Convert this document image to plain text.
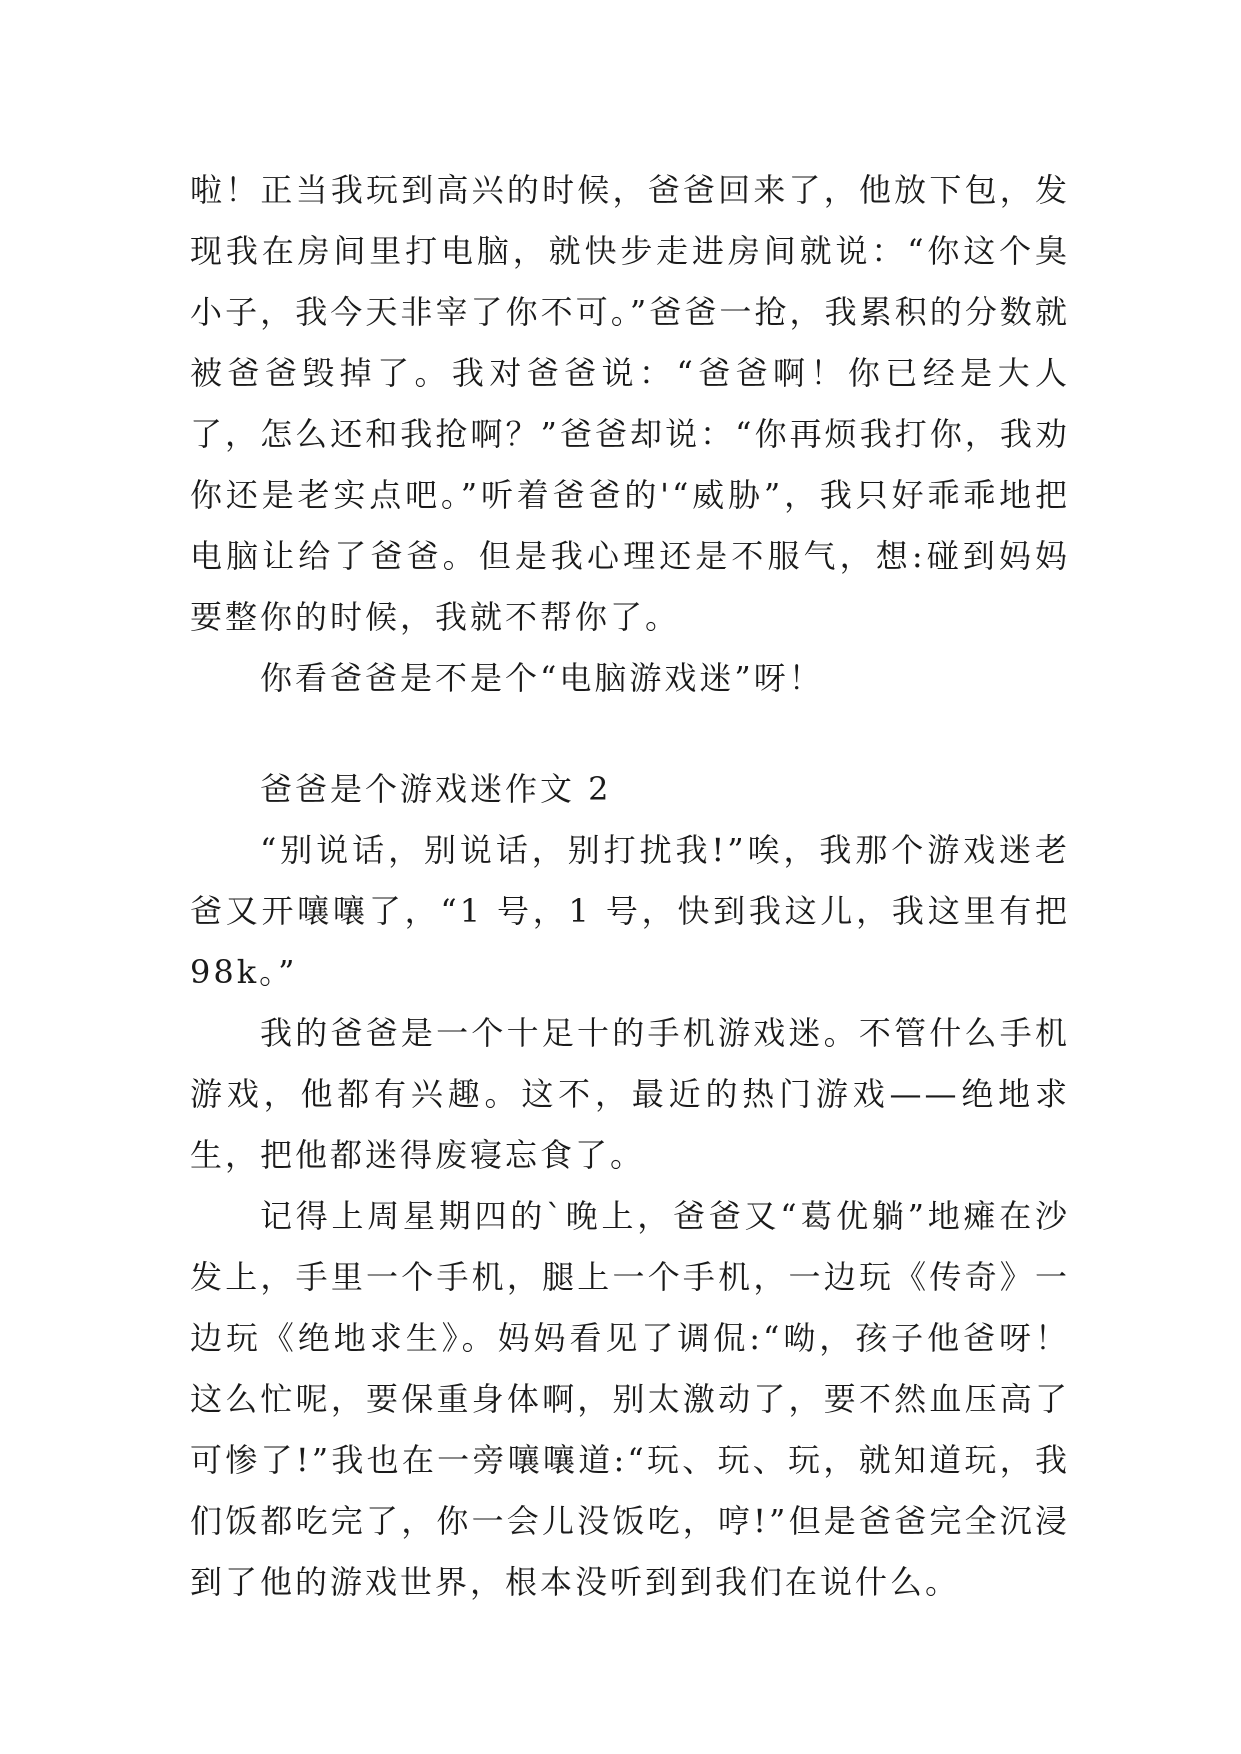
啦！正当我玩到高兴的时候，爸爸回来了，他放下包，发现我在房间里打电脑，就快步走进房间就说：“你这个臭小子，我今天非宰了你不可。”爸爸一抢，我累积的分数就被爸爸毁掉了。我对爸爸说：“爸爸啊！你已经是大人了，怎么还和我抢啊？”爸爸却说：“你再烦我打你，我劝你还是老实点吧。”听着爸爸的'“威胁”，我只好乖乖地把电脑让给了爸爸。但是我心理还是不服气，想:碰到妈妈要整你的时候，我就不帮你了。

你看爸爸是不是个“电脑游戏迷”呀！

爸爸是个游戏迷作文 2

“别说话，别说话，别打扰我!”唉，我那个游戏迷老爸又开嚷嚷了，“1 号，1 号，快到我这儿，我这里有把 98k。”

我的爸爸是一个十足十的手机游戏迷。不管什么手机游戏，他都有兴趣。这不，最近的热门游戏——绝地求生，把他都迷得废寝忘食了。

记得上周星期四的`晚上，爸爸又“葛优躺”地瘫在沙发上，手里一个手机，腿上一个手机，一边玩《传奇》一边玩《绝地求生》。妈妈看见了调侃:“呦，孩子他爸呀！这么忙呢，要保重身体啊，别太激动了，要不然血压高了可惨了!”我也在一旁嚷嚷道:“玩、玩、玩，就知道玩，我们饭都吃完了，你一会儿没饭吃，哼!”但是爸爸完全沉浸到了他的游戏世界，根本没听到到我们在说什么。
